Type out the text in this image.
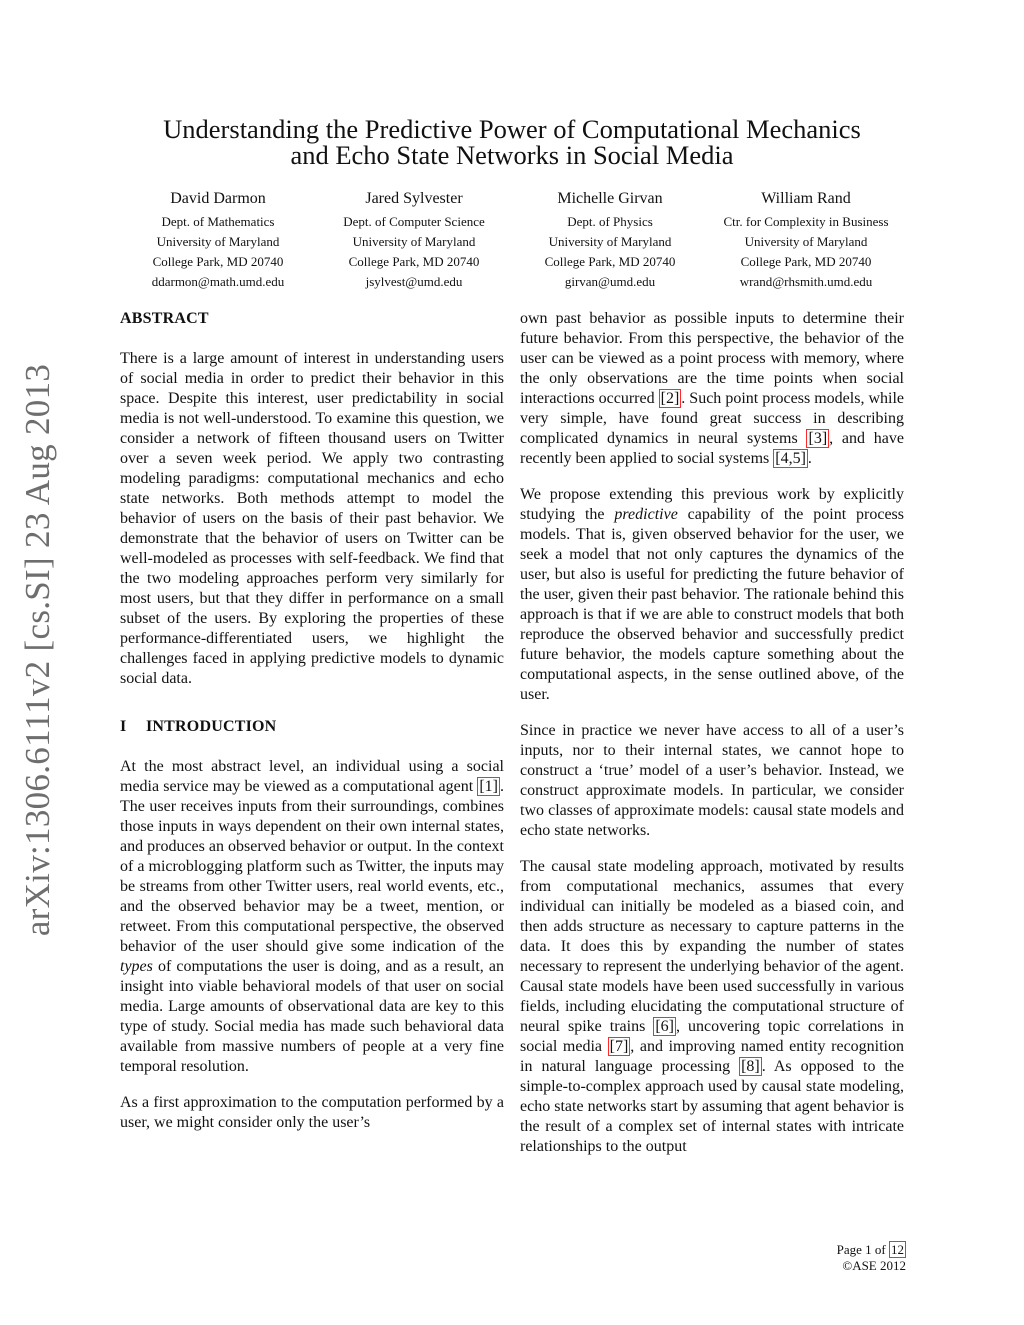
arXiv:1306.6111v2 [cs.SI] 23 Aug 2013
Understanding the Predictive Power of Computational Mechanics
and Echo State Networks in Social Media
David Darmon
Dept. of Mathematics
University of Maryland
College Park, MD 20740
ddarmon@math.umd.edu
Jared Sylvester
Dept. of Computer Science
University of Maryland
College Park, MD 20740
jsylvest@umd.edu
Michelle Girvan
Dept. of Physics
University of Maryland
College Park, MD 20740
girvan@umd.edu
William Rand
Ctr. for Complexity in Business
University of Maryland
College Park, MD 20740
wrand@rhsmith.umd.edu
ABSTRACT

There is a large amount of interest in understanding users of social media in order to predict their behavior in this space. Despite this interest, user predictability in social media is not well-understood. To examine this question, we consider a network of fifteen thousand users on Twitter over a seven week period. We apply two contrasting modeling paradigms: computational mechanics and echo state networks. Both methods attempt to model the behavior of users on the basis of their past behavior. We demonstrate that the behavior of users on Twitter can be well-modeled as processes with self-feedback. We find that the two modeling approaches perform very similarly for most users, but that they differ in performance on a small subset of the users. By exploring the properties of these performance-differentiated users, we highlight the challenges faced in applying predictive models to dynamic social data.

I INTRODUCTION

At the most abstract level, an individual using a social media service may be viewed as a computational agent [1] . The user receives inputs from their surroundings, combines those inputs in ways dependent on their own internal states, and produces an observed behavior or output. In the context of a microblogging platform such as Twitter, the inputs may be streams from other Twitter users, real world events, etc., and the observed behavior may be a tweet, mention, or retweet. From this computational perspective, the observed behavior of the user should give some indication of the types of computations the user is doing, and as a result, an insight into viable behavioral models of that user on social media. Large amounts of observational data are key to this type of study. Social media has made such behavioral data available from massive numbers of people at a very fine temporal resolution.

As a first approximation to the computation performed by a user, we might consider only the user’s

own past behavior as possible inputs to determine their future behavior. From this perspective, the behavior of the user can be viewed as a point process with memory, where the only observations are the time points when social interactions occurred [2] . Such point process models, while very simple, have found great success in describing complicated dynamics in neural systems [3] , and have recently been applied to social systems [4,5] .

We propose extending this previous work by explicitly studying the predictive capability of the point process models. That is, given observed behavior for the user, we seek a model that not only captures the dynamics of the user, but also is useful for predicting the future behavior of the user, given their past behavior. The rationale behind this approach is that if we are able to construct models that both reproduce the observed behavior and successfully predict future behavior, the models capture something about the computational aspects, in the sense outlined above, of the user.

Since in practice we never have access to all of a user’s inputs, nor to their internal states, we cannot hope to construct a ‘true’ model of a user’s behavior. Instead, we construct approximate models. In particular, we consider two classes of approximate models: causal state models and echo state networks.

The causal state modeling approach, motivated by results from computational mechanics, assumes that every individual can initially be modeled as a biased coin, and then adds structure as necessary to capture patterns in the data. It does this by expanding the number of states necessary to represent the underlying behavior of the agent. Causal state models have been used successfully in various fields, including elucidating the computational structure of neural spike trains [6] , uncovering topic correlations in social media [7] , and improving named entity recognition in natural language processing [8] . As opposed to the simple-to-complex approach used by causal state modeling, echo state networks start by assuming that agent behavior is the result of a complex set of internal states with intricate relationships to the output

Page 1 of 12
©ASE 2012
